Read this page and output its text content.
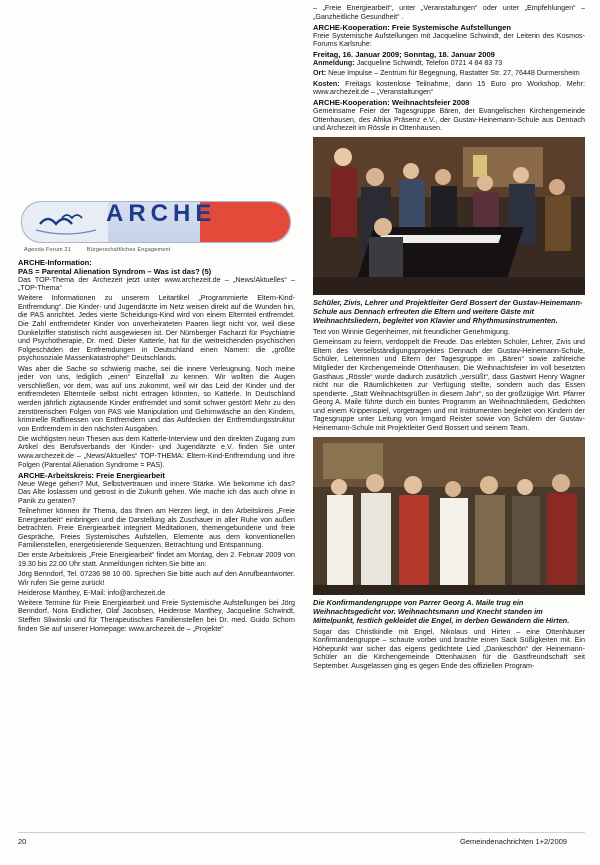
ARCHE
Agenda Forum 21	Bürgerschaftliches Engagement

ARCHE-Information:

PAS = Parental Alienation Syndrom – Was ist das? (5)

Das TOP-Thema der Archezeit jetzt unter www.archezeit.de – „News/Aktuelles“ – „TOP-Thema“

Weitere Informationen zu unserem Leitartikel „Programmierte Eltern-Kind-Entfremdung“. Die Kinder- und Jugendärzte im Netz weisen direkt auf die Wunden hin, die PAS anrichtet. Jedes vierte Scheidungs-Kind wird von einem Elternteil entfremdet. Die Zahl entfremdeter Kinder von unverheirateten Paaren liegt nicht vor, weil diese Dunkelziffer statistisch nicht ausgewiesen ist. Der Nürnberger Facharzt für Psychiatrie und Psychotherapie, Dr. med. Dieter Katterle, hat für die weitreichenden psychischen Folgeschäden der Entfremdungen in Deutschland einen Namen: die „größte psychosoziale Massenkatastrophe“ Deutschlands.

Was aber die Sache so schwierig mache, sei die innere Verleugnung. Noch meine jeder von uns, lediglich „einen“ Einzelfall zu kennen. Wir wollten die Augen verschließen, vor dem, was auf uns zukommt, weil wir das Leid der Kinder und der entfremdeten Elternteile selbst nicht ertragen könnten, so Katterle. In Deutschland werden jährlich zigtausende Kinder entfremdet und somit schwer gestört! Mehr zu den zerstörerischen Folgen von PAS wie Manipulation und Gehirnwäsche an den Kindern, kriminelle Raffinessen von Entfremdern und das Aufdecken der Entfremdungsstruktur von Entfremdern in den nächsten Ausgaben.

Die wichtigsten neun Thesen aus dem Katterle-Interview und den direkten Zugang zum Artikel des Berufsverbands der Kinder- und Jugendärzte e.V. finden Sie unter www.archezeit.de – „News/Aktuelles“ TOP-THEMA: Eltern-Kind-Entfremdung und ihre Folgen (Parental Alienation Syndrome = PAS).

ARCHE-Arbeitskreis: Freie Energiearbeit

Neue Wege gehen? Mut, Selbstvertrauen und innere Stärke. Wie bekomme ich das? Das Alte loslassen und getrost in die Zukunft gehen. Wie mache ich das auch ohne in Panik zu geraten?

Teilnehmer können ihr Thema, das Ihnen am Herzen liegt, in den Arbeitskreis „Freie Energiearbeit“ einbringen und die Darstellung als Zuschauer in aller Ruhe von außen betrachten. Freie Energiearbeit integriert Meditationen, themengebundene und freie Gespräche, Freies Systemisches Aufstellen, Elemente aus dem konventionellen Familienstellen, energetisierende Sequenzen, Betrachtung und Entspannung.

Der erste Arbeitskreis „Freie Energiearbeit“ findet am Montag, den 2. Februar 2009 von 19.30 bis 22.00 Uhr statt. Anmeldungen richten Sie bitte an:

Jörg Benndorf, Tel. 07236 98 10 00. Sprechen Sie bitte auch auf den Anrufbeantworter. Wir rufen Sie gerne zurück!

Heiderose Manthey, E-Mail: info@archezeit.de

Weitere Termine für Freie Energiearbeit und Freie Systemische Aufstellungen bei Jörg Benndorf, Nora Endlicher, Olaf Jacobsen, Heiderose Manthey, Jacqueline Schwindt, Steffen Sliwinski und für Therapeutisches Familienstellen bei Dr. med. Guido Schorn finden Sie auf unserer Homepage: www.archezeit.de – „Projekte“

– „Freie Energiearbeit“, unter „Veranstaltungen“ oder unter „Empfehlungen“ – „Ganzheitliche Gesundheit“ .

ARCHE-Kooperation: Freie Systemische Aufstellungen

Freie Systemische Aufstellungen mit Jacqueline Schwindt, der Leiterin des Kosmos-Forums Karlsruhe:

Freitag, 16. Januar 2009; Sonntag, 18. Januar 2009

Anmeldung: Jacqueline Schwindt, Telefon 0721 4 84 83 73

Ort: Neue Impulse – Zentrum für Begegnung, Rastatter Str. 27, 76448 Durmersheim

Kosten: Freitags kostenlose Teilnahme, dann 15 Euro pro Workshop. Mehr: www.archezeit.de – „Veranstaltungen“

ARCHE-Kooperation: Weihnachtsfeier 2008

Gemeinsame Feier der Tagesgruppe Bären, der Evangelischen Kirchengemeinde Ottenhausen, des Afrika Präsenz e.V., der Gustav-Heinemann-Schule aus Dennach und Archezeit im Rössle in Ottenhausen.

Schüler, Zivis, Lehrer und Projektleiter Gerd Bossert der Gustav-Heinemann-Schule aus Dennach erfreuten die Eltern und weitere Gäste mit Weihnachtsliedern, begleitet von Klavier und Rhythmusinstrumenten.

Text von Winnie Gegenheimer, mit freundlicher Genehmigung.

Gemeinsam zu feiern, verdoppelt die Freude. Das erlebten Schüler, Lehrer, Zivis und Eltern des Verselbständigungsprojektes Dennach der Gustav-Heinemann-Schule, Schüler, Leiterinnen und Eltern der Tagesgruppe im „Bären“ sowie zahlreiche Mitglieder der Kirchengemeinde Ottenhausen. Die Weihnachtsfeier im voll besetzten Gasthaus „Rössle“ wurde dadurch zusätzlich „versüßt“, dass Gastwirt Henry Wagner nicht nur die Räumlichkeiten zur Verfügung stellte, sondern auch das Essen spendierte. „Statt Weihnachtsgrüßen in diesem Jahr“, so der großzügige Wirt. Pfarrer Georg A. Maile führte durch ein buntes Programm an Weihnachtsliedern, Gedichten und einem Krippenspiel, vorgetragen und mit Instrumenten begleitet von Kindern der Tagesgruppe unter Leitung von Irmgard Reister sowie von Schülern der Gustav-Heinemann-Schule mit Projektleiter Gerd Bossert und seinem Team.

Die Konfirmandengruppe von Parrer Georg A. Maile trug ein Weihnachtsgedicht vor. Weihnachtsmann und Knecht standen im Mittelpunkt, festlich gekleidet die Engel, in derben Gewändern die Hirten.

Sogar das Christkindle mit Engel, Nikolaus und Hirten – eine Ottenhäuser Konfirmandengruppe – schaute vorbei und brachte einen Sack Süßigkeiten mit. Ein Höhepunkt war sicher das eigens gedichtete Lied „Dankeschön“ der Heinemann-Schüler an die Kirchengemeinde Ottenhausen für die Gastfreundschaft seit September. Ausgelassen ging es gegen Ende des offiziellen Program-

20	Gemeindenachrichten 1+2/2009
